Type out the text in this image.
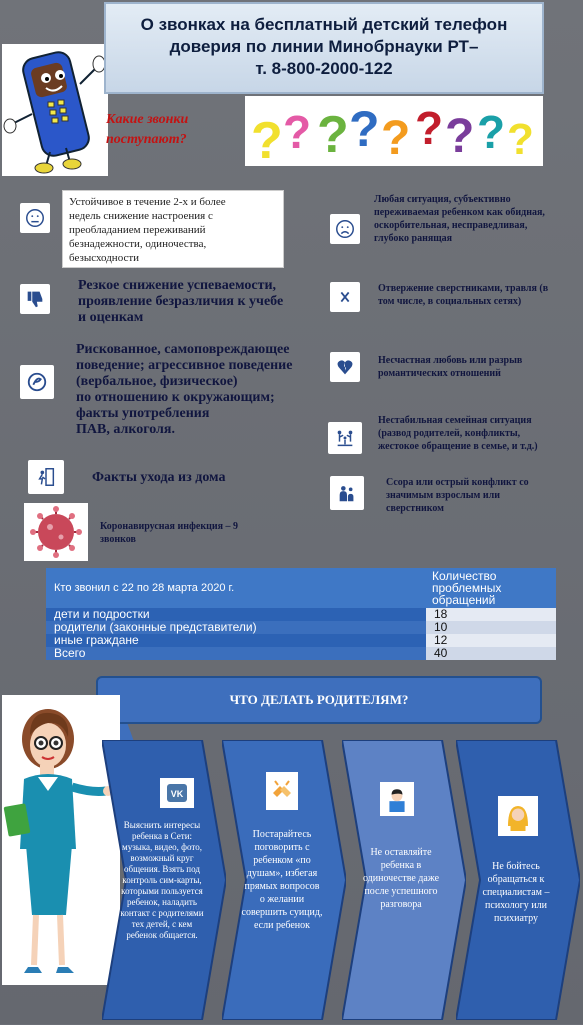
О звонках на бесплатный детский телефон
доверия по линии Минобрнауки РТ–
т. 8-800-2000-122
Какие звонки
поступают? ? ? ? ? ? ? ? ? ?
Устойчивое в течение 2-х и более
недель снижение настроения с
преобладанием переживаний
безнадежности, одиночества,
безысходности
Резкое снижение успеваемости,
проявление безразличия к учебе
и оценкам
Рискованное, самоповреждающее
поведение; агрессивное поведение
(вербальное, физическое)
по отношению к окружающим;
факты употребления
ПАВ, алкоголя.
Факты ухода из дома
Коронавирусная инфекция – 9
звонков
Любая ситуация, субъективно
переживаемая ребенком как обидная,
оскорбительная, несправедливая,
глубоко ранящая
Отвержение сверстниками, травля (в
том числе, в социальных сетях)
Несчастная любовь или разрыв
романтических отношений
Нестабильная семейная ситуация
(развод родителей, конфликты,
жестокое обращение в семье, и т.д.)
Ссора или острый конфликт со
значимым взрослым или
сверстником
Кто звонил с 22 по 28 марта 2020 г.	Количество
проблемных
обращений

дети и подростки	18
родители (законные представители)	10
иные граждане	12
Всего	40
ЧТО ДЕЛАТЬ РОДИТЕЛЯМ?
VK
Выяснить интересы
ребенка в Сети:
музыка, видео, фото,
возможный круг
общения. Взять под
контроль сим-карты,
которыми пользуется
ребенок, наладить
контакт с родителями
тех детей, с кем
ребенок общается.
Постарайтесь
поговорить с
ребенком «по
душам», избегая
прямых вопросов
о желании
совершить суицид,
если ребенок
Не оставляйте
ребенка в
одиночестве даже
после успешного
разговора
Не бойтесь
обращаться к
специалистам –
психологу или
психиатру
